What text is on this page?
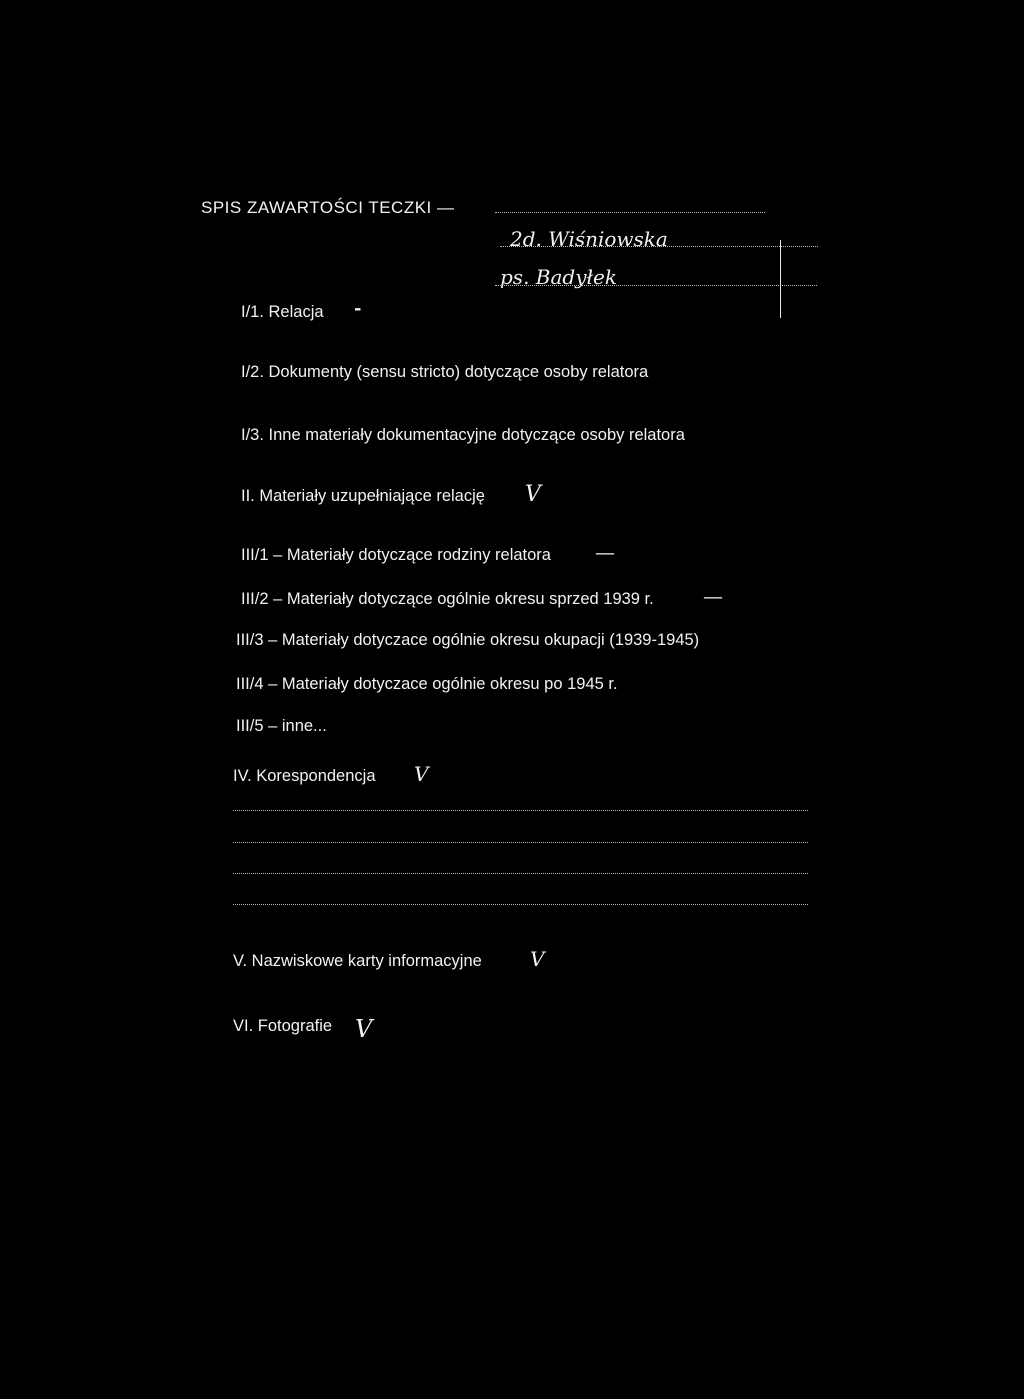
SPIS ZAWARTOŚCI TECZKI —
2d. Wiśniowska
ps. Badyłek
I/1. Relacja -
I/2. Dokumenty (sensu stricto) dotyczące osoby relatora
I/3. Inne materiały dokumentacyjne dotyczące osoby relatora
II. Materiały uzupełniające relację V
III/1 – Materiały dotyczące rodziny relatora —
III/2 – Materiały dotyczące ogólnie okresu sprzed 1939 r. —
III/3 – Materiały dotyczace ogólnie okresu okupacji (1939-1945)
III/4 – Materiały dotyczace ogólnie okresu po 1945 r.
III/5 – inne...
IV. Korespondencja V
V. Nazwiskowe karty informacyjne V
VI. Fotografie V
